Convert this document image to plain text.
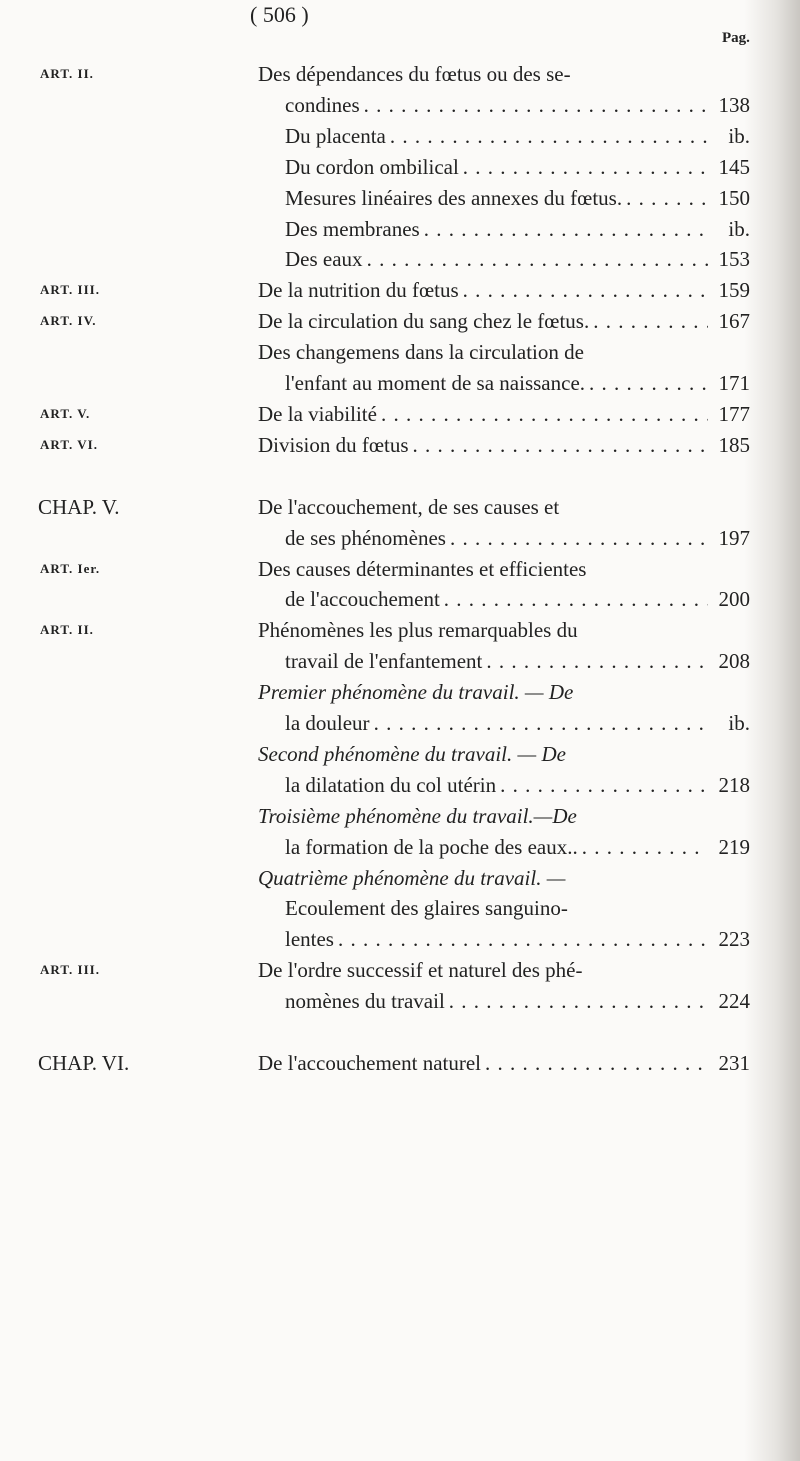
( 506 )
Pag.
ART. II.	Des dépendances du fœtus ou des se-
condines . . .	138
Du placenta . . .	ib.
Du cordon ombilical . . .	145
Mesures linéaires des annexes du fœtus. . . .	150
Des membranes . . .	ib.
Des eaux . . .	153
ART. III.	De la nutrition du fœtus . . .	159
ART. IV.	De la circulation du sang chez le fœtus. . . .	167
Des changemens dans la circulation de
l'enfant au moment de sa naissance. . . .	171
ART. V.	De la viabilité . . .	177
ART. VI.	Division du fœtus . . .	185
CHAP. V.	De l'accouchement, de ses causes et
de ses phénomènes . . .	197
ART. Ier.	Des causes déterminantes et efficientes
de l'accouchement . . .	200
ART. II.	Phénomènes les plus remarquables du
travail de l'enfantement . . .	208
Premier phénomène du travail. — De
la douleur . . .	ib.
Second phénomène du travail. — De
la dilatation du col utérin . . .	218
Troisième phénomène du travail.—De
la formation de la poche des eaux.. . . .	219
Quatrième phénomène du travail. —
Ecoulement des glaires sanguino-
lentes . . .	223
ART. III.	De l'ordre successif et naturel des phé-
nomènes du travail . . .	224
CHAP. VI.	De l'accouchement naturel . . .	231
